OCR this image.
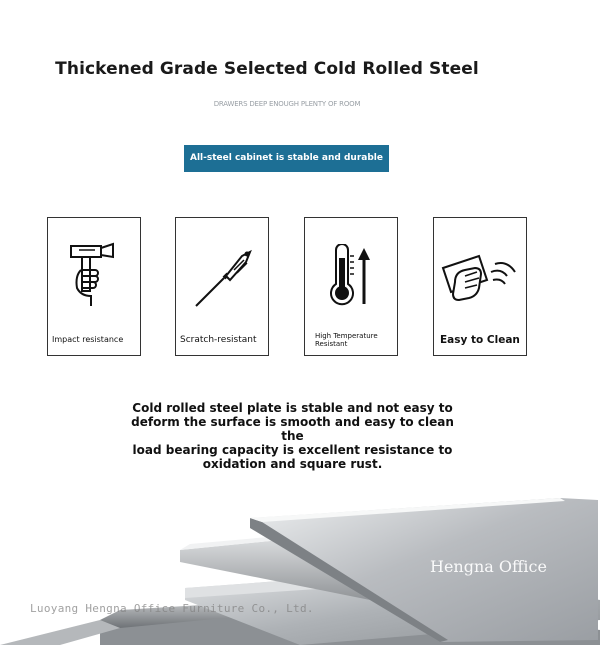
Thickened Grade Selected Cold Rolled Steel
DRAWERS DEEP ENOUGH PLENTY OF ROOM
All-steel cabinet is stable and durable
Impact resistance	Scratch-resistant	High Temperature
Resistant	Easy to Clean
Cold rolled steel plate is stable and not easy to
deform the surface is smooth and easy to clean the
load bearing capacity is excellent resistance to
oxidation and square rust.
Hengna Office
Luoyang Hengna Office Furniture Co., Ltd.
